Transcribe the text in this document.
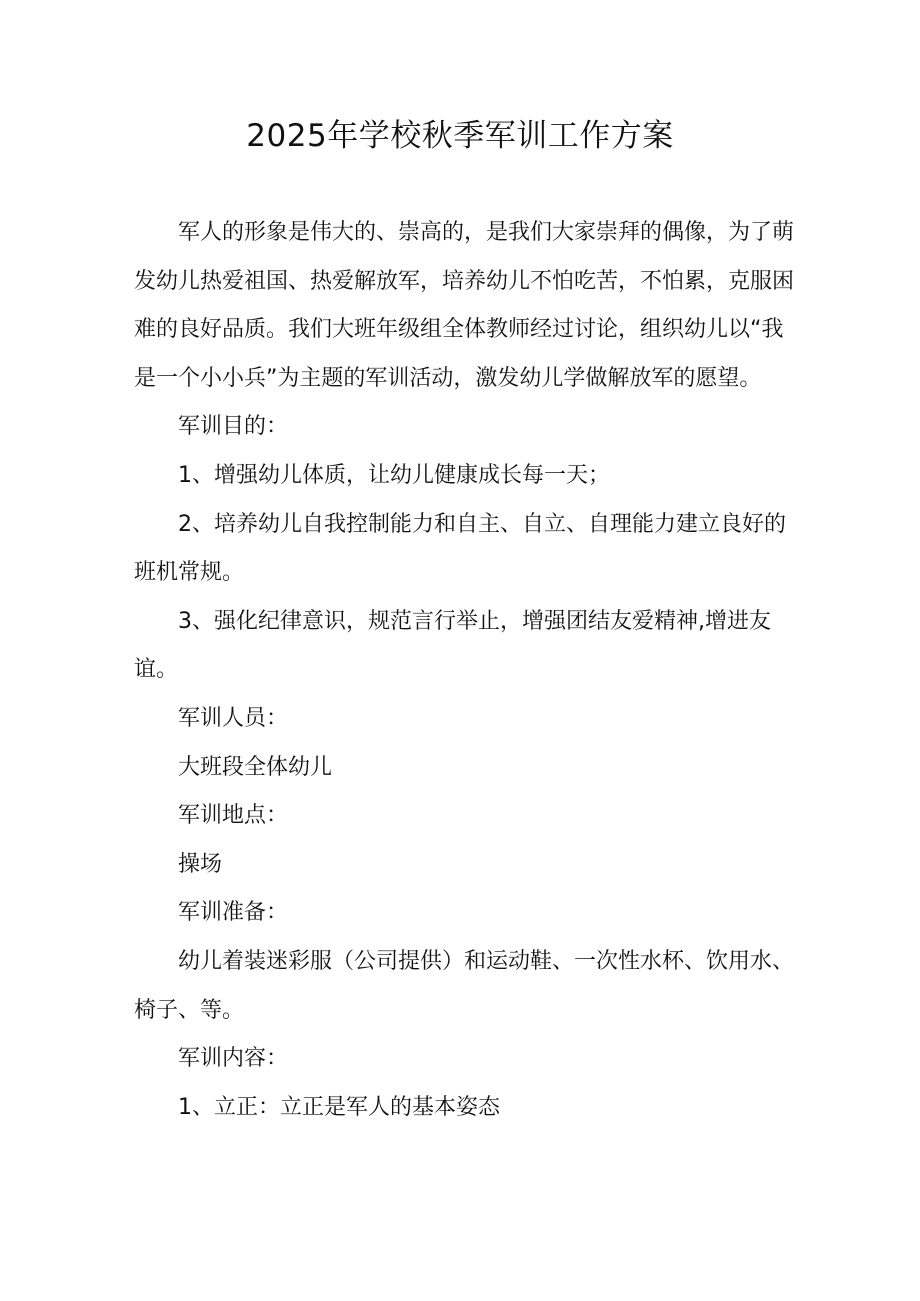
2025年学校秋季军训工作方案

军人的形象是伟大的、崇高的，是我们大家崇拜的偶像，为了萌发幼儿热爱祖国、热爱解放军，培养幼儿不怕吃苦，不怕累，克服困难的良好品质。我们大班年级组全体教师经过讨论，组织幼儿以“我是一个小小兵”为主题的军训活动，激发幼儿学做解放军的愿望。

军训目的：

1、增强幼儿体质，让幼儿健康成长每一天；

2、培养幼儿自我控制能力和自主、自立、自理能力建立良好的班机常规。

3、强化纪律意识，规范言行举止，增强团结友爱精神,增进友谊。

军训人员：

大班段全体幼儿

军训地点：

操场

军训准备：

幼儿着装迷彩服（公司提供）和运动鞋、一次性水杯、饮用水、椅子、等。

军训内容：

1、立正：立正是军人的基本姿态
